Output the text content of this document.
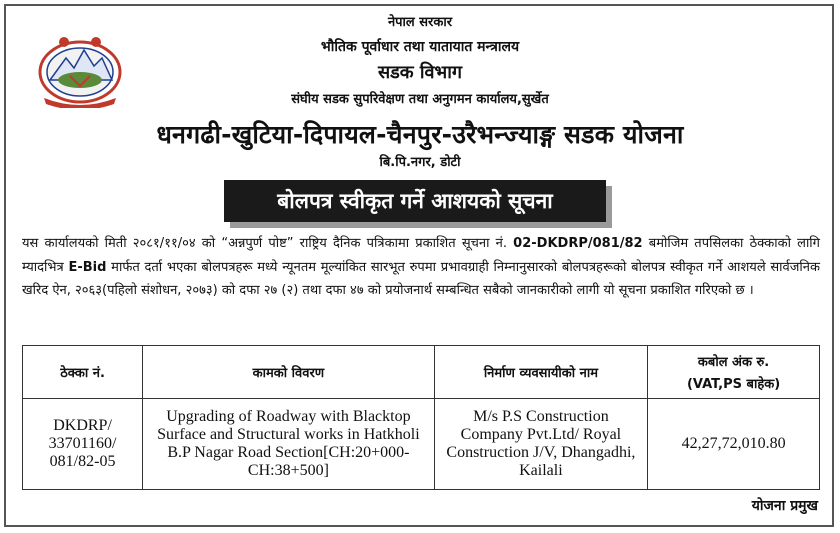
नेपाल सरकार
भौतिक पूर्वाधार तथा यातायात मन्त्रालय
सडक विभाग
संघीय सडक सुपरिवेक्षण तथा अनुगमन कार्यालय,सुर्खेत
धनगढी-खुटिया-दिपायल-चैनपुर-उरैभन्ज्याङ्ग सडक योजना
बि.पि.नगर, डोटी
बोलपत्र स्वीकृत गर्ने आशयको सूचना
यस कार्यालयको मिती २०८१/११/०४ को “अन्नपुर्ण पोष्ट” राष्ट्रिय दैनिक पत्रिकामा प्रकाशित सूचना नं. 02-DKDRP/081/82 बमोजिम तपसिलका ठेक्काको लागि म्यादभित्र E-Bid मार्फत दर्ता भएका बोलपत्रहरू मध्ये न्यूनतम मूल्यांकित सारभूत रुपमा प्रभावग्राही निम्नानुसारको बोलपत्रहरूको बोलपत्र स्वीकृत गर्ने आशयले सार्वजनिक खरिद ऐन, २०६३(पहिलो संशोधन, २०७३) को दफा २७ (२) तथा दफा ४७ को प्रयोजनार्थ सम्बन्धित सबैको जानकारीको लागी यो सूचना प्रकाशित गरिएको छ ।
ठेक्का नं.	कामको विवरण	निर्माण व्यवसायीको नाम	कबोल अंक रु.
(VAT,PS बाहेक)

DKDRP/ 33701160/ 081/82-05	Upgrading of Roadway with Blacktop Surface and Structural works in Hatkholi B.P Nagar Road Section[CH:20+000-CH:38+500]	M/s P.S Construction Company Pvt.Ltd/ Royal Construction J/V, Dhangadhi, Kailali	42,27,72,010.80
योजना प्रमुख
